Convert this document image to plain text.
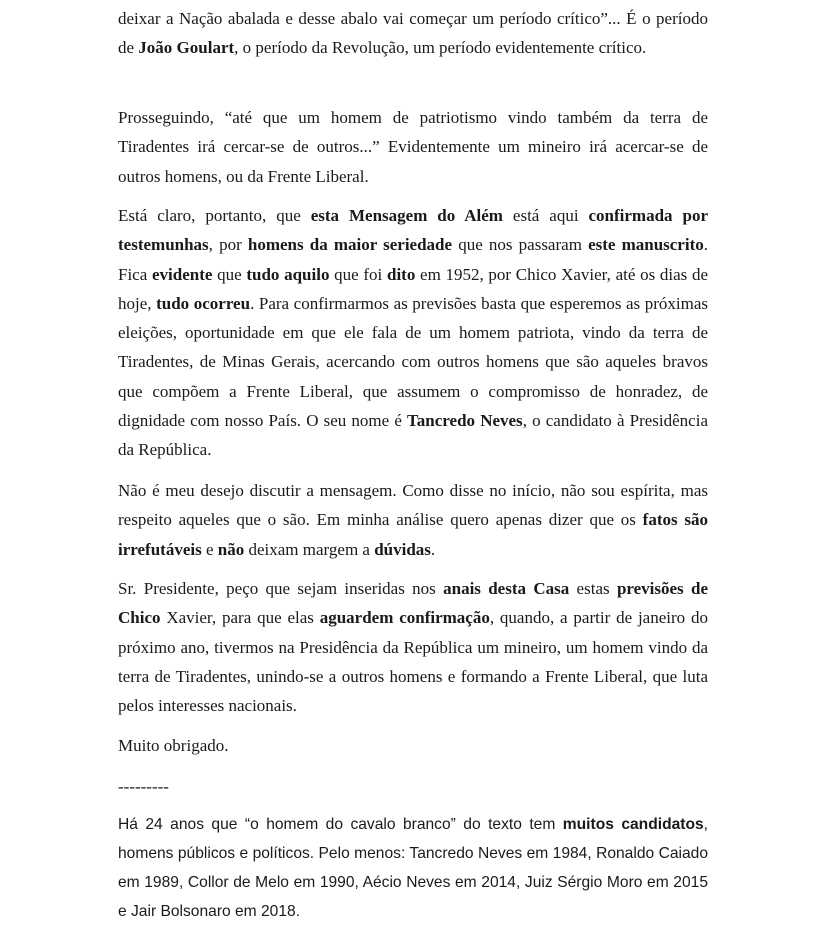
deixar a Nação abalada e desse abalo vai começar um período crítico”... É o período de João Goulart, o período da Revolução, um período evidentemente crítico.

Prosseguindo, “até que um homem de patriotismo vindo também da terra de Tiradentes irá cercar-se de outros...” Evidentemente um mineiro irá acercar-se de outros homens, ou da Frente Liberal.

Está claro, portanto, que esta Mensagem do Além está aqui confirmada por testemunhas, por homens da maior seriedade que nos passaram este manuscrito. Fica evidente que tudo aquilo que foi dito em 1952, por Chico Xavier, até os dias de hoje, tudo ocorreu. Para confirmarmos as previsões basta que esperemos as próximas eleições, oportunidade em que ele fala de um homem patriota, vindo da terra de Tiradentes, de Minas Gerais, acercando com outros homens que são aqueles bravos que compõem a Frente Liberal, que assumem o compromisso de honradez, de dignidade com nosso País. O seu nome é Tancredo Neves, o candidato à Presidência da República.

Não é meu desejo discutir a mensagem. Como disse no início, não sou espírita, mas respeito aqueles que o são. Em minha análise quero apenas dizer que os fatos são irrefutáveis e não deixam margem a dúvidas.

Sr. Presidente, peço que sejam inseridas nos anais desta Casa estas previsões de Chico Xavier, para que elas aguardem confirmação, quando, a partir de janeiro do próximo ano, tivermos na Presidência da República um mineiro, um homem vindo da terra de Tiradentes, unindo-se a outros homens e formando a Frente Liberal, que luta pelos interesses nacionais.

Muito obrigado.

---------

Há 24 anos que “o homem do cavalo branco” do texto tem muitos candidatos, homens públicos e políticos. Pelo menos: Tancredo Neves em 1984, Ronaldo Caiado em 1989, Collor de Melo em 1990, Aécio Neves em 2014, Juiz Sérgio Moro em 2015 e Jair Bolsonaro em 2018.
